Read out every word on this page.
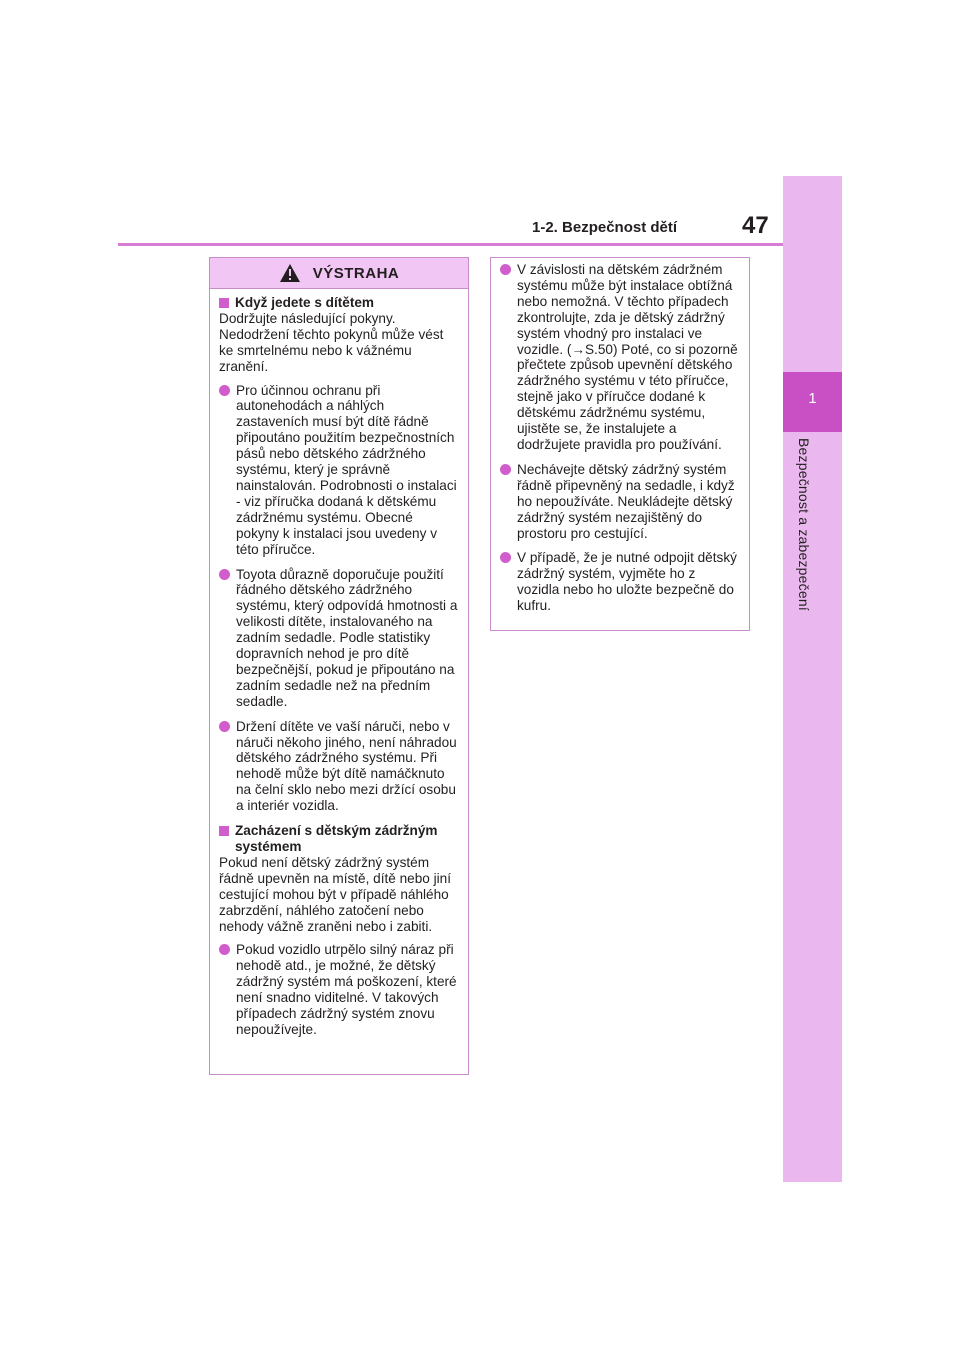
1
Bezpečnost a zabezpečení
1-2. Bezpečnost dětí	47
VÝSTRAHA
Když jedete s dítětem

Dodržujte následující pokyny. Nedodržení těchto pokynů může vést ke smrtelnému nebo k vážnému zranění.

Pro účinnou ochranu při autonehodách a náhlých zastaveních musí být dítě řádně připoutáno použitím bezpečnostních pásů nebo dětského zádržného systému, který je správně nainstalován. Podrobnosti o instalaci - viz příručka dodaná k dětskému zádržnému systému. Obecné pokyny k instalaci jsou uvedeny v této příručce.
Toyota důrazně doporučuje použití řádného dětského zádržného systému, který odpovídá hmotnosti a velikosti dítěte, instalovaného na zadním sedadle. Podle statistiky dopravních nehod je pro dítě bezpečnější, pokud je připoutáno na zadním sedadle než na předním sedadle.
Držení dítěte ve vaší náruči, nebo v náruči někoho jiného, není náhradou dětského zádržného systému. Při nehodě může být dítě namáčknuto na čelní sklo nebo mezi držící osobu a interiér vozidla.
Zacházení s dětským zádržným systémem

Pokud není dětský zádržný systém řádně upevněn na místě, dítě nebo jiní cestující mohou být v případě náhlého zabrzdění, náhlého zatočení nebo nehody vážně zraněni nebo i zabiti.

Pokud vozidlo utrpělo silný náraz při nehodě atd., je možné, že dětský zádržný systém má poškození, které není snadno viditelné. V takových případech zádržný systém znovu nepoužívejte.
V závislosti na dětském zádržném systému může být instalace obtížná nebo nemožná. V těchto případech zkontrolujte, zda je dětský zádržný systém vhodný pro instalaci ve vozidle. (→S.50) Poté, co si pozorně přečtete způsob upevnění dětského zádržného systému v této příručce, stejně jako v příručce dodané k dětskému zádržnému systému, ujistěte se, že instalujete a dodržujete pravidla pro používání.
Nechávejte dětský zádržný systém řádně připevněný na sedadle, i když ho nepoužíváte. Neukládejte dětský zádržný systém nezajištěný do prostoru pro cestující.
V případě, že je nutné odpojit dětský zádržný systém, vyjměte ho z vozidla nebo ho uložte bezpečně do kufru.
